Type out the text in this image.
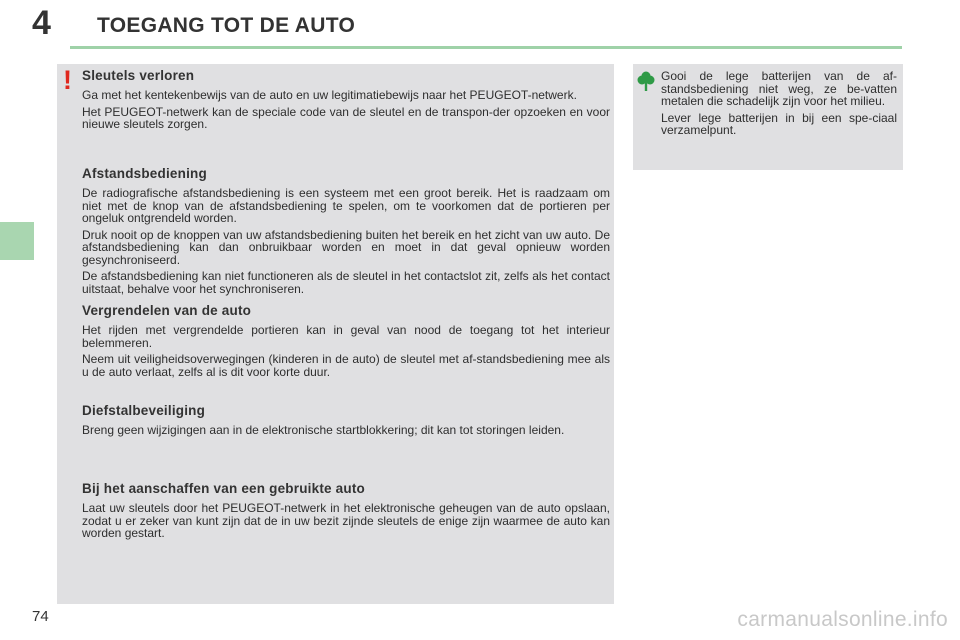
4 TOEGANG TOT DE AUTO
! Sleutels verloren

Ga met het kentekenbewijs van de auto en uw legitimatiebewijs naar het PEUGEOT-netwerk.

Het PEUGEOT-netwerk kan de speciale code van de sleutel en de transpon-der opzoeken en voor nieuwe sleutels zorgen.

Afstandsbediening

De radiografische afstandsbediening is een systeem met een groot bereik. Het is raadzaam om niet met de knop van de afstandsbediening te spelen, om te voorkomen dat de portieren per ongeluk ontgrendeld worden.

Druk nooit op de knoppen van uw afstandsbediening buiten het bereik en het zicht van uw auto. De afstandsbediening kan dan onbruikbaar worden en moet in dat geval opnieuw worden gesynchroniseerd.

De afstandsbediening kan niet functioneren als de sleutel in het contactslot zit, zelfs als het contact uitstaat, behalve voor het synchroniseren.

Vergrendelen van de auto

Het rijden met vergrendelde portieren kan in geval van nood de toegang tot het interieur belemmeren.

Neem uit veiligheidsoverwegingen (kinderen in de auto) de sleutel met af-standsbediening mee als u de auto verlaat, zelfs al is dit voor korte duur.

Diefstalbeveiliging

Breng geen wijzigingen aan in de elektronische startblokkering; dit kan tot storingen leiden.

Bij het aanschaffen van een gebruikte auto

Laat uw sleutels door het PEUGEOT-netwerk in het elektronische geheugen van de auto opslaan, zodat u er zeker van kunt zijn dat de in uw bezit zijnde sleutels de enige zijn waarmee de auto kan worden gestart.

Gooi de lege batterijen van de af-standsbediening niet weg, ze be-vatten metalen die schadelijk zijn voor het milieu.

Lever lege batterijen in bij een spe-ciaal verzamelpunt.

74	carmanualsonline.info
